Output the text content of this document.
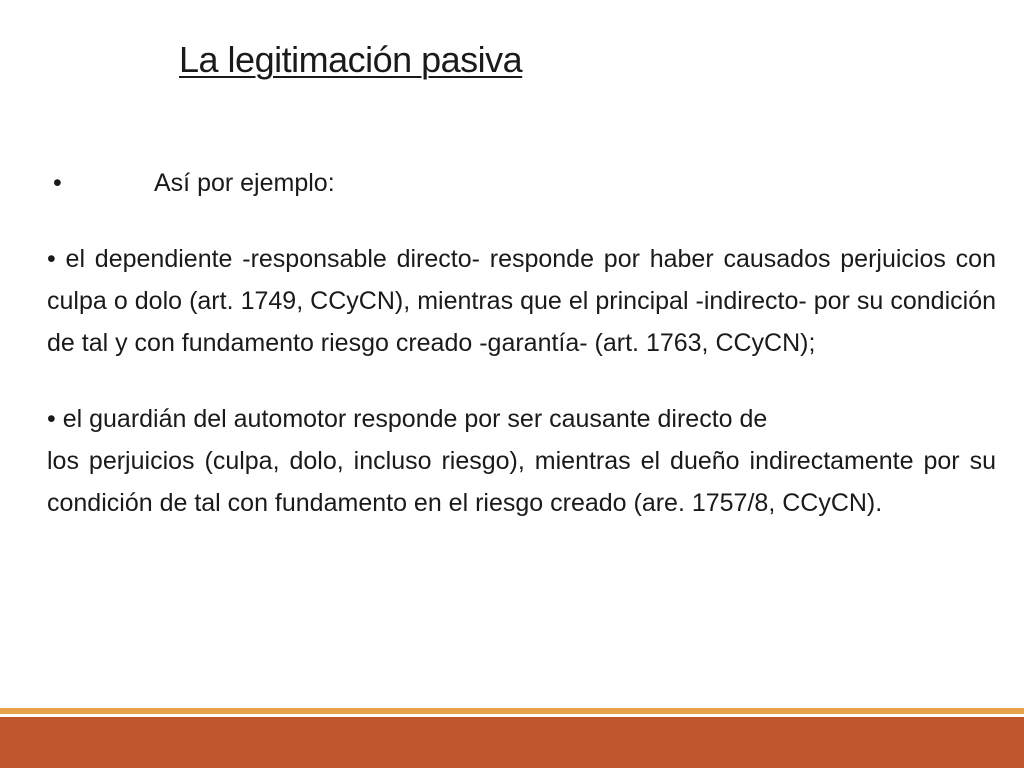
La legitimación pasiva

•	Así por ejemplo:

• el dependiente -responsable directo- responde por haber causados perjuicios con culpa o dolo (art. 1749, CCyCN), mientras que el principal -indirecto- por su condición de tal y con fundamento riesgo creado -garantía- (art. 1763, CCyCN);

• el guardián del automotor responde por ser causante directo de

los perjuicios (culpa, dolo, incluso riesgo), mientras el dueño indirectamente por su condición de tal con fundamento en el riesgo creado (are. 1757/8, CCyCN).
